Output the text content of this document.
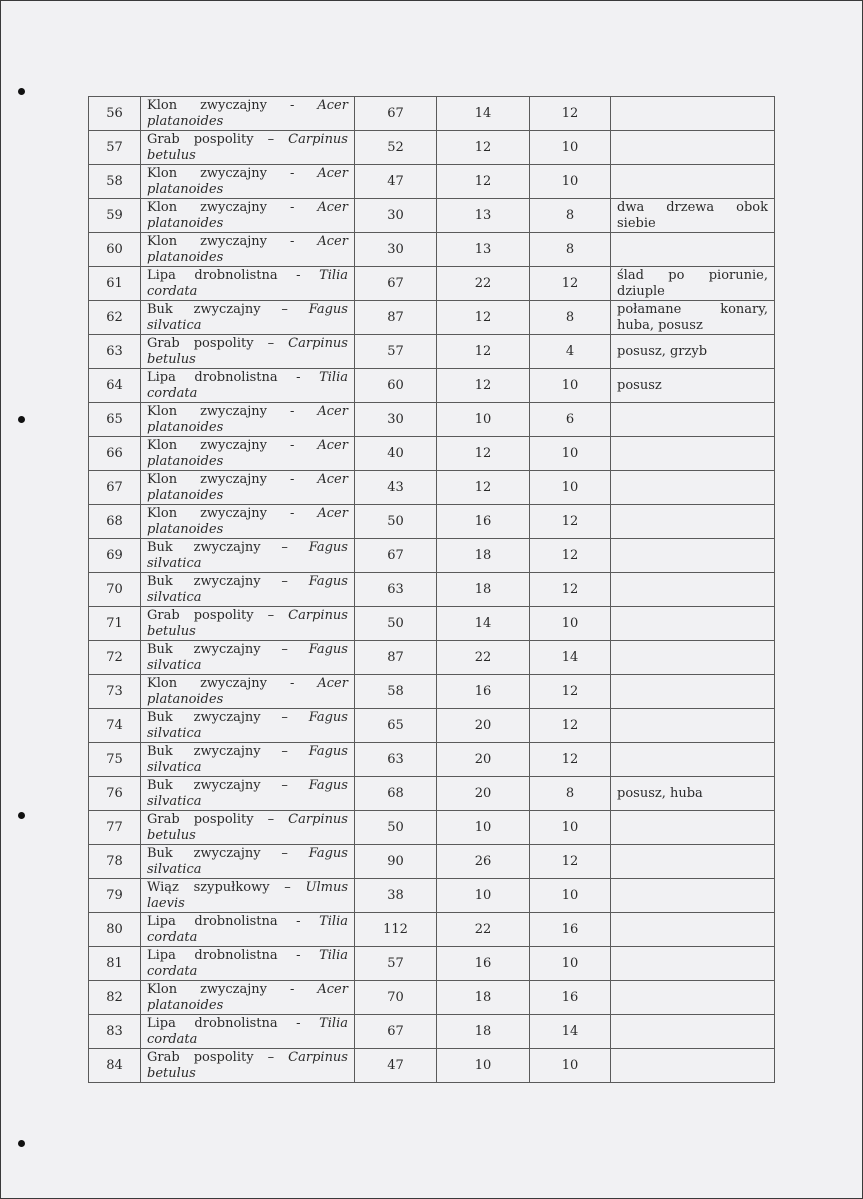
56	Klon zwyczajny - Acer
platanoides	67	14	12	
57	Grab pospolity – Carpinus
betulus	52	12	10	
58	Klon zwyczajny - Acer
platanoides	47	12	10	
59	Klon zwyczajny - Acer
platanoides	30	13	8	dwa drzewa obok siebie
60	Klon zwyczajny - Acer
platanoides	30	13	8	
61	Lipa drobnolistna - Tilia
cordata	67	22	12	ślad po piorunie, dziuple
62	Buk zwyczajny – Fagus
silvatica	87	12	8	połamane konary, huba, posusz
63	Grab pospolity – Carpinus
betulus	57	12	4	posusz, grzyb
64	Lipa drobnolistna - Tilia
cordata	60	12	10	posusz
65	Klon zwyczajny - Acer
platanoides	30	10	6	
66	Klon zwyczajny - Acer
platanoides	40	12	10	
67	Klon zwyczajny - Acer
platanoides	43	12	10	
68	Klon zwyczajny - Acer
platanoides	50	16	12	
69	Buk zwyczajny – Fagus
silvatica	67	18	12	
70	Buk zwyczajny – Fagus
silvatica	63	18	12	
71	Grab pospolity – Carpinus
betulus	50	14	10	
72	Buk zwyczajny – Fagus
silvatica	87	22	14	
73	Klon zwyczajny - Acer
platanoides	58	16	12	
74	Buk zwyczajny – Fagus
silvatica	65	20	12	
75	Buk zwyczajny – Fagus
silvatica	63	20	12	
76	Buk zwyczajny – Fagus
silvatica	68	20	8	posusz, huba
77	Grab pospolity – Carpinus
betulus	50	10	10	
78	Buk zwyczajny – Fagus
silvatica	90	26	12	
79	Wiąz szypułkowy – Ulmus
laevis	38	10	10	
80	Lipa drobnolistna - Tilia
cordata	112	22	16	
81	Lipa drobnolistna - Tilia
cordata	57	16	10	
82	Klon zwyczajny - Acer
platanoides	70	18	16	
83	Lipa drobnolistna - Tilia
cordata	67	18	14	
84	Grab pospolity – Carpinus
betulus	47	10	10	
